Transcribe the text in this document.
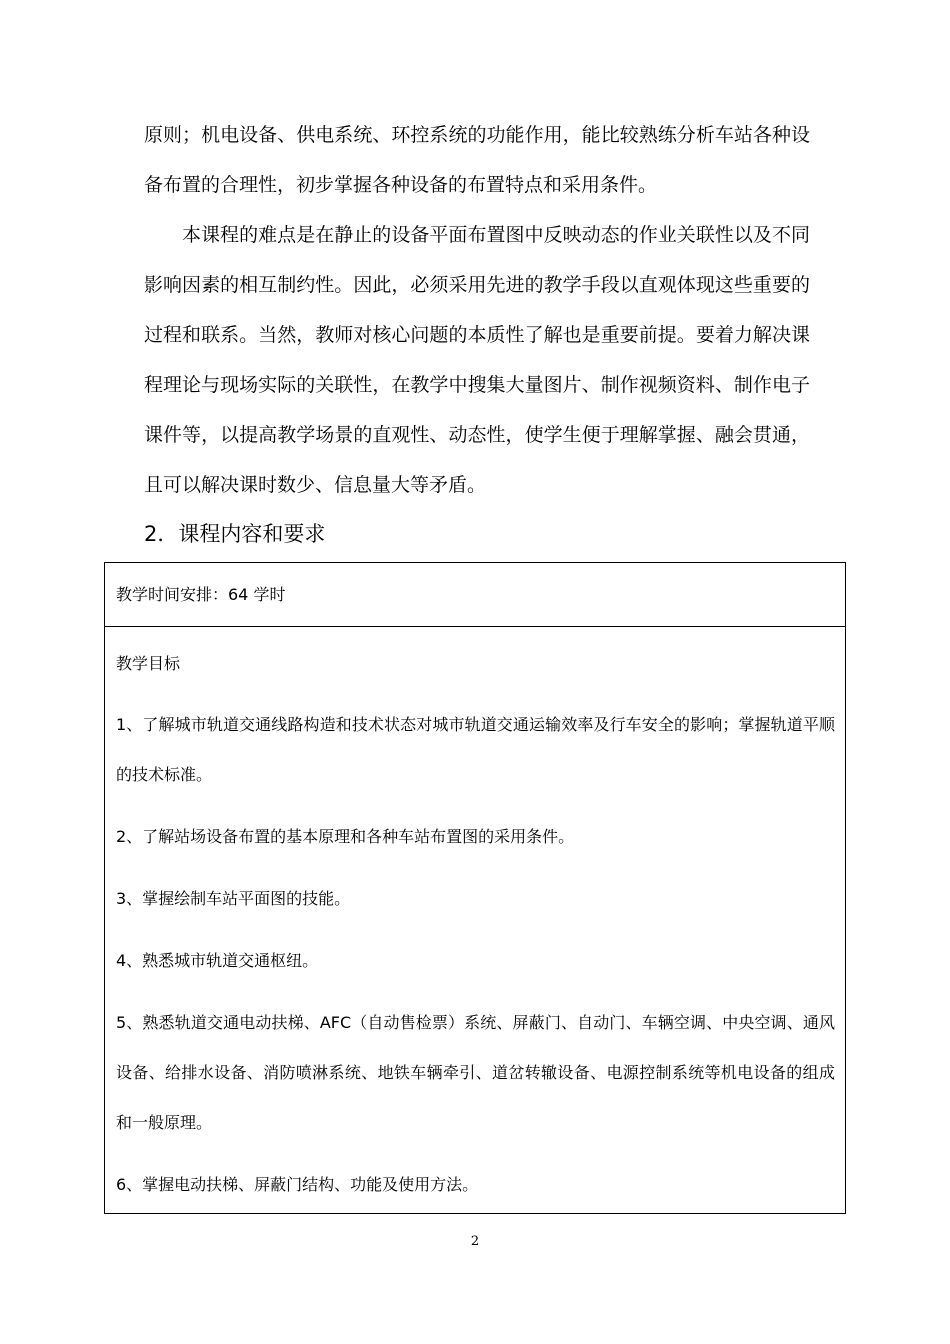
原则；机电设备、供电系统、环控系统的功能作用，能比较熟练分析车站各种设备布置的合理性，初步掌握各种设备的布置特点和采用条件。

本课程的难点是在静止的设备平面布置图中反映动态的作业关联性以及不同影响因素的相互制约性。因此，必须采用先进的教学手段以直观体现这些重要的过程和联系。当然，教师对核心问题的本质性了解也是重要前提。要着力解决课程理论与现场实际的关联性，在教学中搜集大量图片、制作视频资料、制作电子课件等，以提高教学场景的直观性、动态性，使学生便于理解掌握、融会贯通，且可以解决课时数少、信息量大等矛盾。

2．课程内容和要求
教学时间安排：64 学时

教学目标

1、了解城市轨道交通线路构造和技术状态对城市轨道交通运输效率及行车安全的影响；掌握轨道平顺的技术标准。

2、了解站场设备布置的基本原理和各种车站布置图的采用条件。

3、掌握绘制车站平面图的技能。

4、熟悉城市轨道交通枢纽。

5、熟悉轨道交通电动扶梯、AFC（自动售检票）系统、屏蔽门、自动门、车辆空调、中央空调、通风设备、给排水设备、消防喷淋系统、地铁车辆牵引、道岔转辙设备、电源控制系统等机电设备的组成和一般原理。

6、掌握电动扶梯、屏蔽门结构、功能及使用方法。

2
